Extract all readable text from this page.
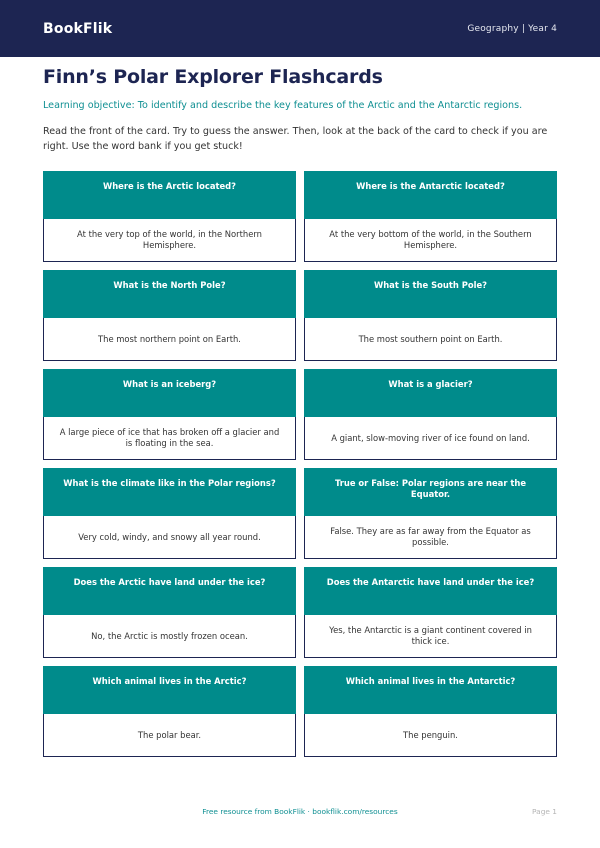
BookFlik	Geography | Year 4
Finn’s Polar Explorer Flashcards

Learning objective: To identify and describe the key features of the Arctic and the Antarctic regions.

Read the front of the card. Try to guess the answer. Then, look at the back of the card to check if you are right. Use the word bank if you get stuck!

Where is the Arctic located?
At the very top of the world, in the Northern Hemisphere.
Where is the Antarctic located?
At the very bottom of the world, in the Southern Hemisphere.
What is the North Pole?
The most northern point on Earth.
What is the South Pole?
The most southern point on Earth.
What is an iceberg?
A large piece of ice that has broken off a glacier and is floating in the sea.
What is a glacier?
A giant, slow-moving river of ice found on land.
What is the climate like in the Polar regions?
Very cold, windy, and snowy all year round.
True or False: Polar regions are near the Equator.
False. They are as far away from the Equator as possible.
Does the Arctic have land under the ice?
No, the Arctic is mostly frozen ocean.
Does the Antarctic have land under the ice?
Yes, the Antarctic is a giant continent covered in thick ice.
Which animal lives in the Arctic?
The polar bear.
Which animal lives in the Antarctic?
The penguin.
Free resource from BookFlik · bookflik.com/resources	Page 1
